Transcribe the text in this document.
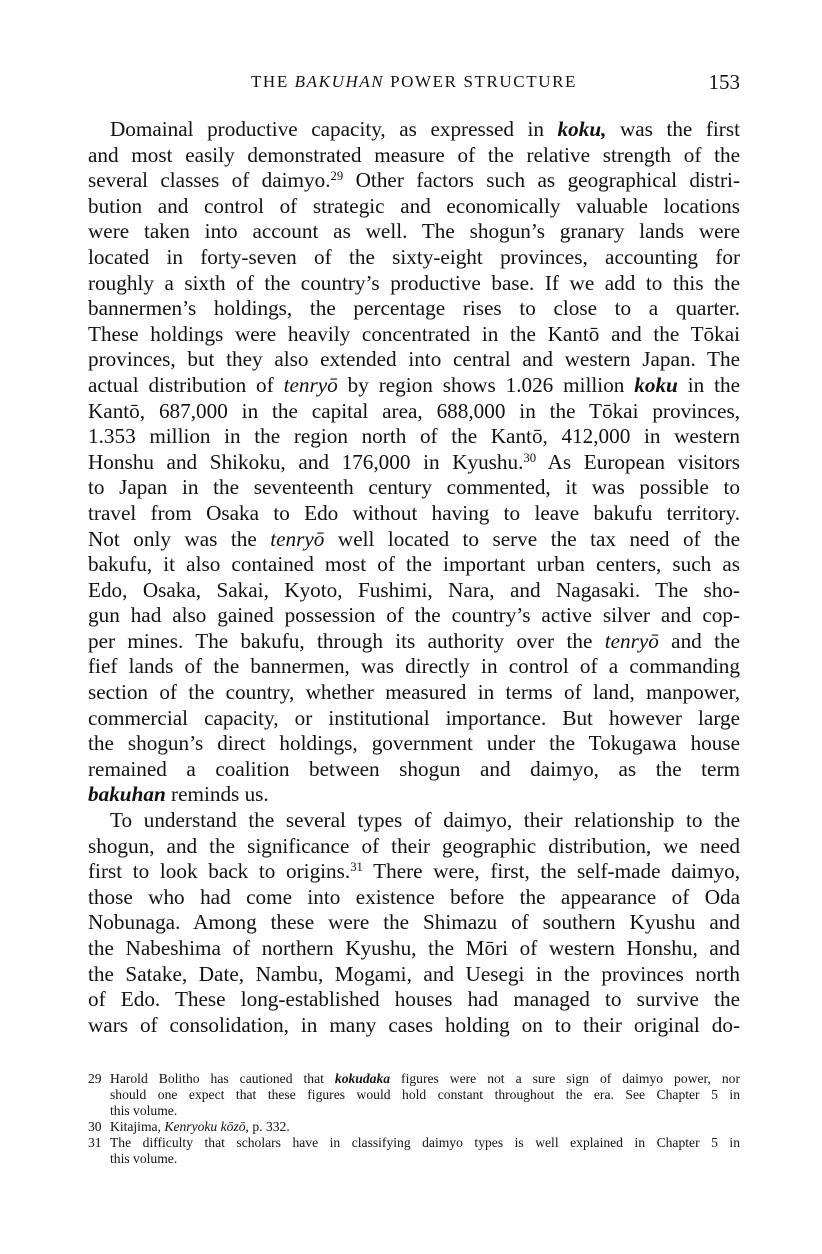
THE BAKUHAN POWER STRUCTURE	153
Domainal productive capacity, as expressed in koku, was the first
and most easily demonstrated measure of the relative strength of the
several classes of daimyo.$^{29}$ Other factors such as geographical distri-
bution and control of strategic and economically valuable locations
were taken into account as well. The shogun’s granary lands were
located in forty-seven of the sixty-eight provinces, accounting for
roughly a sixth of the country’s productive base. If we add to this the
bannermen’s holdings, the percentage rises to close to a quarter.
These holdings were heavily concentrated in the Kantō and the Tōkai
provinces, but they also extended into central and western Japan. The
actual distribution of tenryō by region shows 1.026 million koku in the
Kantō, 687,000 in the capital area, 688,000 in the Tōkai provinces,
1.353 million in the region north of the Kantō, 412,000 in western
Honshu and Shikoku, and 176,000 in Kyushu.$^{30}$ As European visitors
to Japan in the seventeenth century commented, it was possible to
travel from Osaka to Edo without having to leave bakufu territory.
Not only was the tenryō well located to serve the tax need of the
bakufu, it also contained most of the important urban centers, such as
Edo, Osaka, Sakai, Kyoto, Fushimi, Nara, and Nagasaki. The sho-
gun had also gained possession of the country’s active silver and cop-
per mines. The bakufu, through its authority over the tenryō and the
fief lands of the bannermen, was directly in control of a commanding
section of the country, whether measured in terms of land, manpower,
commercial capacity, or institutional importance. But however large
the shogun’s direct holdings, government under the Tokugawa house
remained a coalition between shogun and daimyo, as the term
bakuhan reminds us.
To understand the several types of daimyo, their relationship to the
shogun, and the significance of their geographic distribution, we need
first to look back to origins.$^{31}$ There were, first, the self-made daimyo,
those who had come into existence before the appearance of Oda
Nobunaga. Among these were the Shimazu of southern Kyushu and
the Nabeshima of northern Kyushu, the Mōri of western Honshu, and
the Satake, Date, Nambu, Mogami, and Uesegi in the provinces north
of Edo. These long-established houses had managed to survive the
wars of consolidation, in many cases holding on to their original do-
29 Harold Bolitho has cautioned that kokudaka figures were not a sure sign of daimyo power, nor
should one expect that these figures would hold constant throughout the era. See Chapter 5 in
this volume.
30 Kitajima, Kenryoku kōzō, p. 332.
31 The difficulty that scholars have in classifying daimyo types is well explained in Chapter 5 in
this volume.
